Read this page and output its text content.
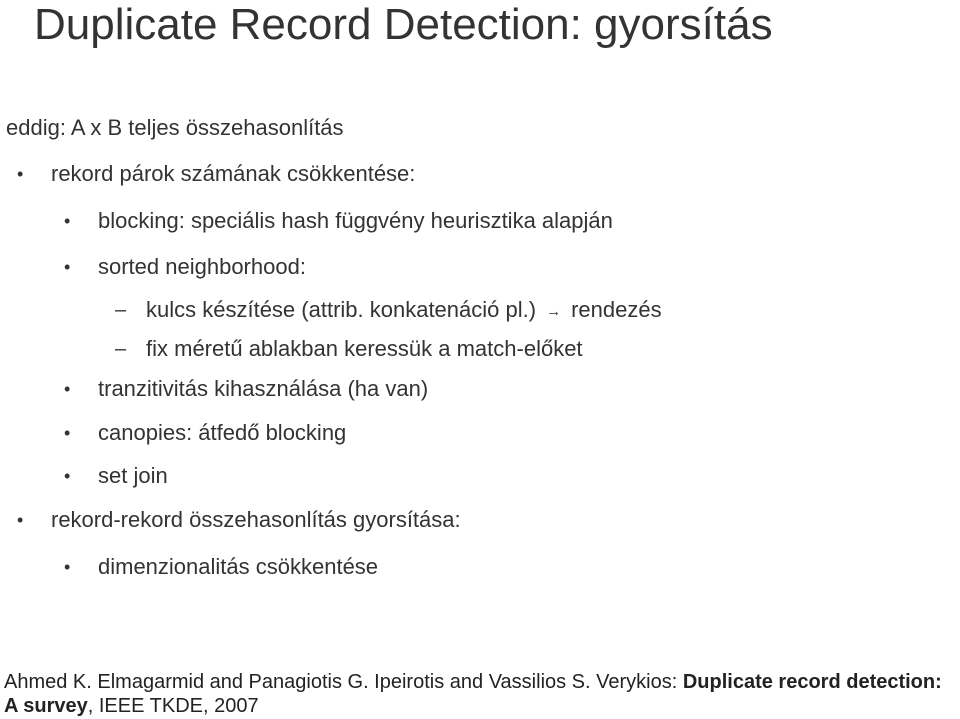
Duplicate Record Detection: gyorsítás
eddig: A x B teljes összehasonlítás
• rekord párok számának csökkentése:
• blocking: speciális hash függvény heurisztika alapján
• sorted neighborhood:
– kulcs készítése (attrib. konkatenáció pl.) → rendezés
– fix méretű ablakban keressük a match-előket
• tranzitivitás kihasználása (ha van)
• canopies: átfedő blocking
• set join
• rekord-rekord összehasonlítás gyorsítása:
• dimenzionalitás csökkentése
Ahmed K. Elmagarmid and Panagiotis G. Ipeirotis and Vassilios S. Verykios: Duplicate record detection: A survey, IEEE TKDE, 2007
